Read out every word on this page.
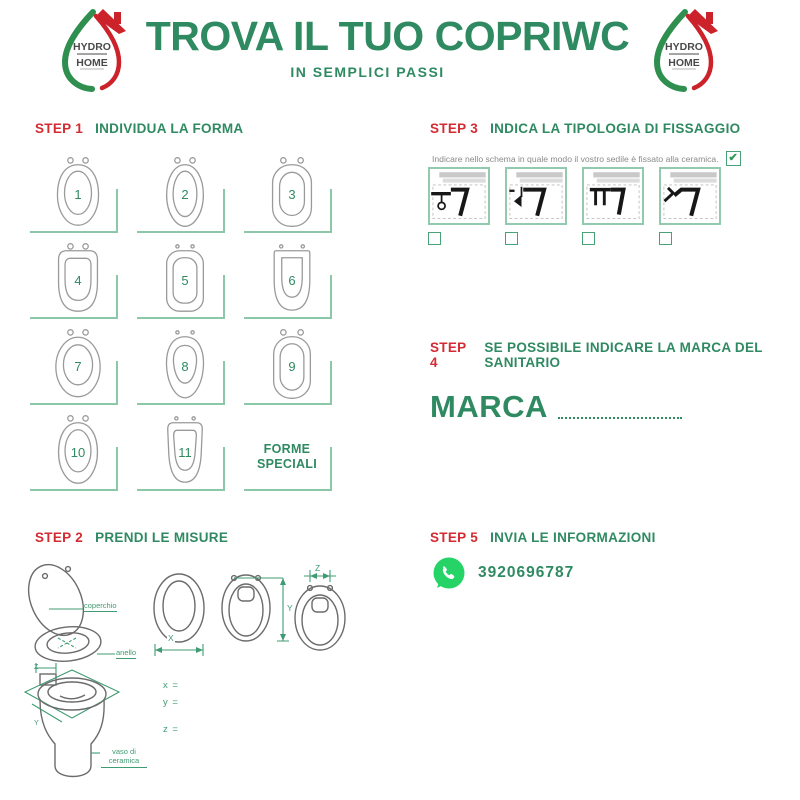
HYDRO
HOME
TROVA IL TUO COPRIWC
IN SEMPLICI PASSI
HYDRO
HOME
STEP 1 INDIVIDUA LA FORMA
1	2	3
4	5	6
7	8	9
10	11	FORME SPECIALI
STEP 3 INDICA LA TIPOLOGIA DI FISSAGGIO
Indicare nello schema in quale modo il vostro sedile è fissato alla ceramica. ✔
STEP 4
SE POSSIBILE INDICARE LA MARCA DEL SANITARIO
MARCA
STEP 2 PRENDI LE MISURE
coperchio
anello
vaso di ceramica
Z
Y
X
Y
Z
x =
y =
z =
STEP 5 INVIA LE INFORMAZIONI
3920696787
